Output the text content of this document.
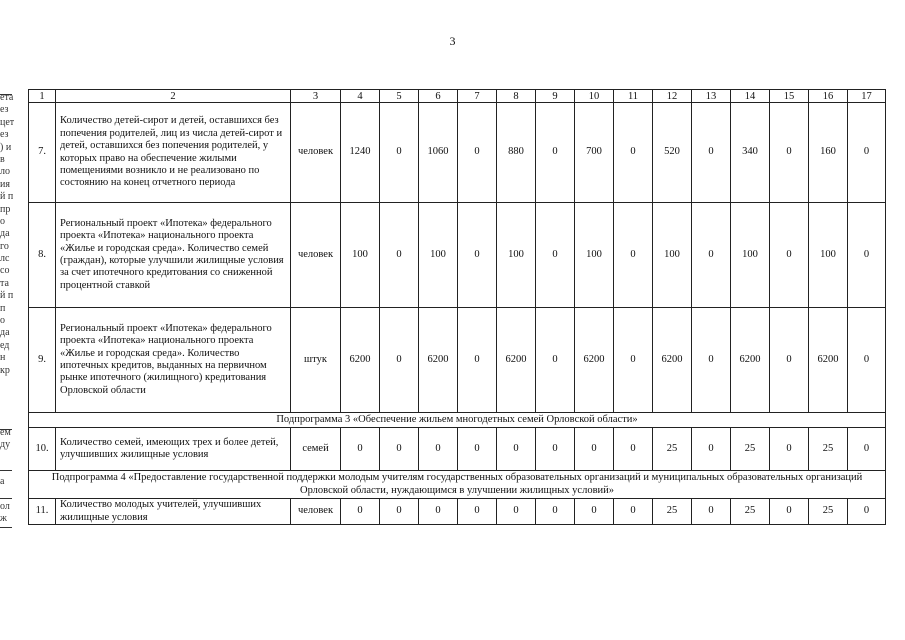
3
ета
ез
цет
ез
) и
в
ло
ия
й п
пр
о
да
го
лс
со
та
й п
п
о
да
ед
н
кр

ем
ду

а

ол
ж
1	2	3	4	5	6	7	8	9	10	11	12	13	14	15	16	17
7.	Количество детей-сирот и детей, оставшихся без попечения родителей, лиц из числа детей-сирот и детей, оставшихся без попечения родителей, у которых право на обеспечение жилыми помещениями возникло и не реализовано по состоянию на конец отчетного периода	человек	1240	0	1060	0	880	0	700	0	520	0	340	0	160	0
8.	Региональный проект «Ипотека» федерального проекта «Ипотека» национального проекта «Жилье и городская среда». Количество семей (граждан), которые улучшили жилищные условия за счет ипотечного кредитования со сниженной процентной ставкой	человек	100	0	100	0	100	0	100	0	100	0	100	0	100	0
9.	Региональный проект «Ипотека» федерального проекта «Ипотека» национального проекта «Жилье и городская среда». Количество ипотечных кредитов, выданных на первичном рынке ипотечного (жилищного) кредитования Орловской области	штук	6200	0	6200	0	6200	0	6200	0	6200	0	6200	0	6200	0
Подпрограмма 3 «Обеспечение жильем многодетных семей Орловской области»																
10.	Количество семей, имеющих трех и более детей, улучшивших жилищные условия	семей	0	0	0	0	0	0	0	0	25	0	25	0	25	0
Подпрограмма 4 «Предоставление государственной поддержки молодым учителям государственных образовательных организаций и муниципальных образовательных организаций Орловской области, нуждающимся в улучшении жилищных условий»																
11.	Количество молодых учителей, улучшивших жилищные условия	человек	0	0	0	0	0	0	0	0	25	0	25	0	25	0
